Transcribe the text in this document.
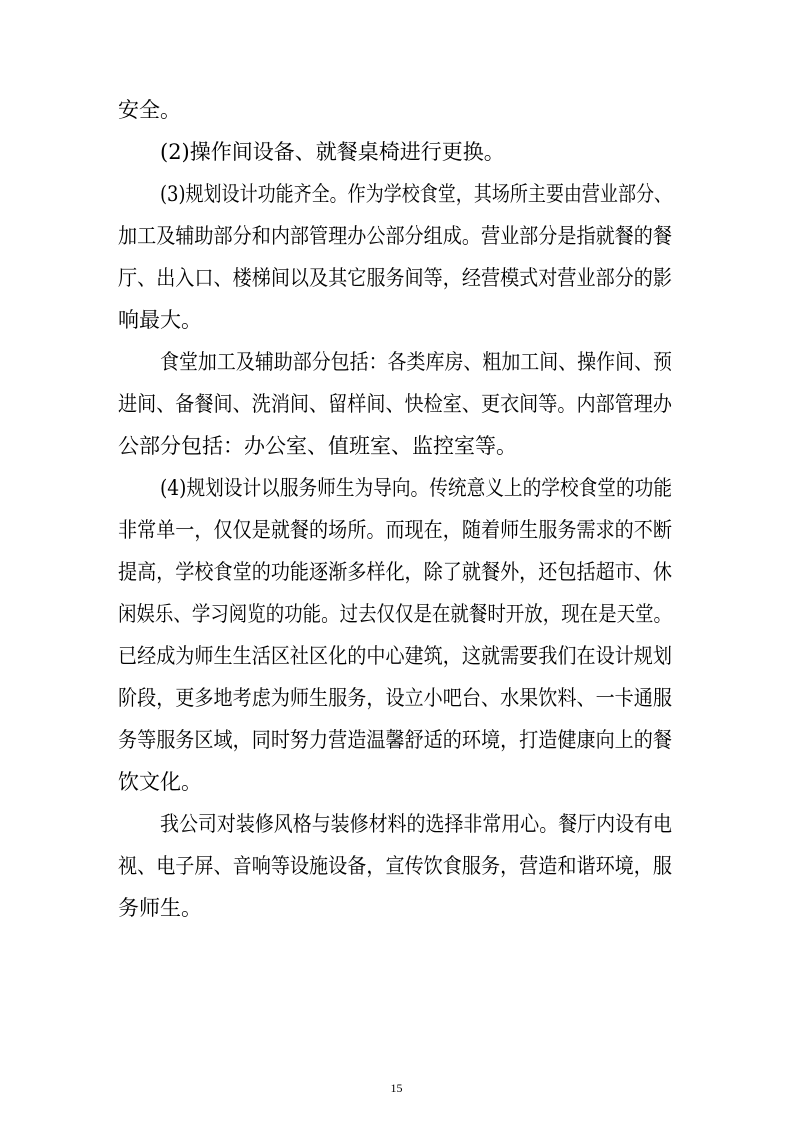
安全。

(2)操作间设备、就餐桌椅进行更换。

(3)规划设计功能齐全。作为学校食堂，其场所主要由营业部分、

加工及辅助部分和内部管理办公部分组成。营业部分是指就餐的餐

厅、出入口、楼梯间以及其它服务间等，经营模式对营业部分的影

响最大。

食堂加工及辅助部分包括：各类库房、粗加工间、操作间、预

进间、备餐间、洗消间、留样间、快检室、更衣间等。内部管理办

公部分包括：办公室、值班室、监控室等。

(4)规划设计以服务师生为导向。传统意义上的学校食堂的功能

非常单一，仅仅是就餐的场所。而现在，随着师生服务需求的不断

提高，学校食堂的功能逐渐多样化，除了就餐外，还包括超市、休

闲娱乐、学习阅览的功能。过去仅仅是在就餐时开放，现在是天堂。

已经成为师生生活区社区化的中心建筑，这就需要我们在设计规划

阶段，更多地考虑为师生服务，设立小吧台、水果饮料、一卡通服

务等服务区域，同时努力营造温馨舒适的环境，打造健康向上的餐

饮文化。

我公司对装修风格与装修材料的选择非常用心。餐厅内设有电

视、电子屏、音响等设施设备，宣传饮食服务，营造和谐环境，服

务师生。

15
